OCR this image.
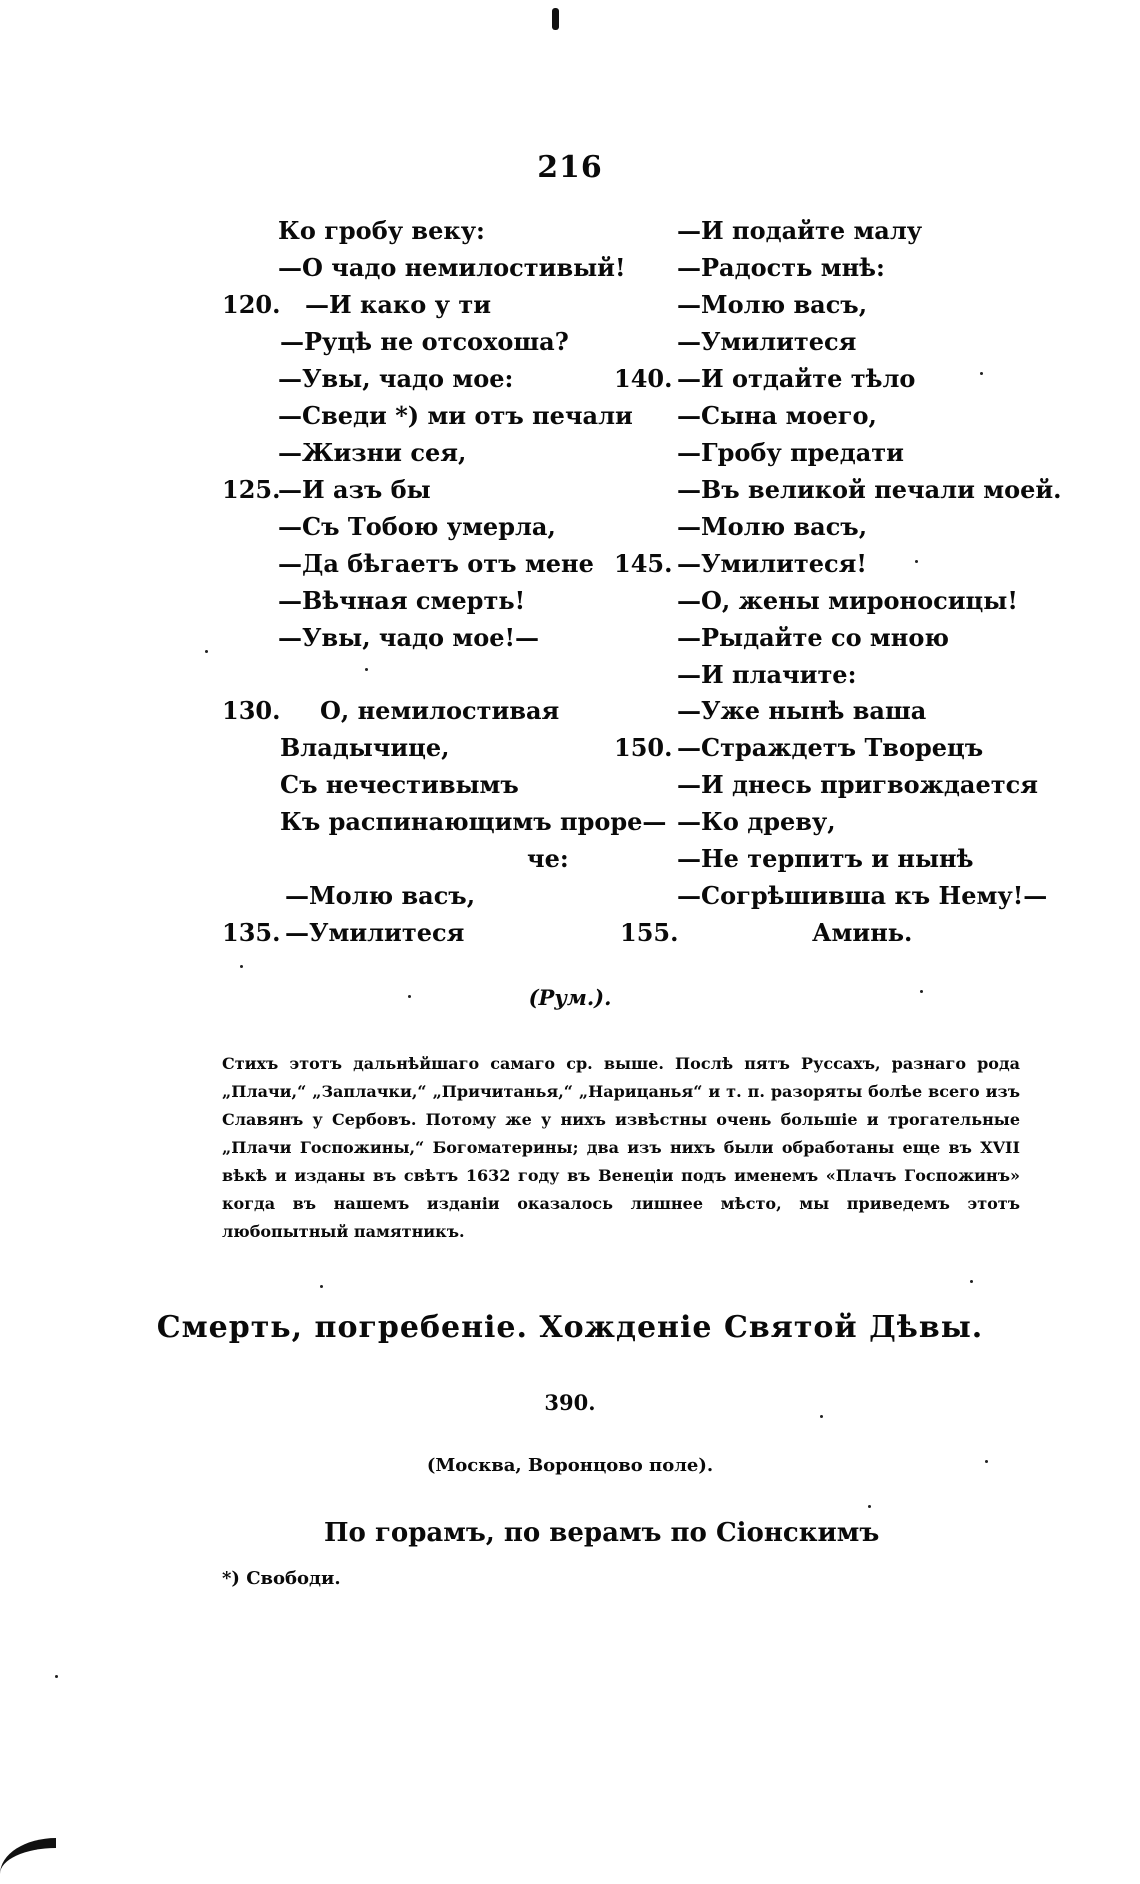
216
Ко гробу веку:
—О чадо немилостивый!
—И како у ти
—Руцѣ не отсохоша?
—Увы, чадо мое:
—Сведи *) ми отъ печали
—Жизни сея,
—И азъ бы
—Съ Тобою умерла,
—Да бѣгаетъ отъ мене
—Вѣчная смерть!
—Увы, чадо мое!—
О, немилостивая
Владычице,
Съ нечестивымъ
Къ распинающимъ проре—
че:
—Молю васъ,
—Умилитеся
120.
125.
130.
135.
—И подайте малу
—Радость мнѣ:
—Молю васъ,
—Умилитеся
—И отдайте тѣло
—Сына моего,
—Гробу предати
—Въ великой печали моей.
—Молю васъ,
—Умилитеся!
—О, жены мироносицы!
—Рыдайте со мною
—И плачите:
—Уже нынѣ ваша
—Страждетъ Творецъ
—И днесь пригвождается
—Ко древу,
—Не терпитъ и нынѣ
—Согрѣшивша къ Нему!—
Аминь.
140.
145.
150.
155.
(Рум.).
Стихъ этотъ дальнѣйшаго самаго ср. выше. Послѣ пятъ Руссахъ, разнаго рода „Плачи,“ „Заплачки,“ „Причитанья,“ „Нарицанья“ и т. п. разоряты болѣе всего изъ Славянъ у Сербовъ. Потому же у нихъ извѣстны очень большіе и трогательные „Плачи Госпожины,“ Богоматерины; два изъ нихъ были обработаны еще въ XVII вѣкѣ и изданы въ свѣтъ 1632 году въ Венеціи подъ именемъ «Плачъ Госпожинъ» когда въ нашемъ изданіи оказалось лишнее мѣсто, мы приведемъ этотъ любопытный памятникъ.
Смерть, погребеніе. Хожденіе Святой Дѣвы.
390.
(Москва, Воронцово поле).
По горамъ, по верамъ по Сіонскимъ
*) Свободи.
